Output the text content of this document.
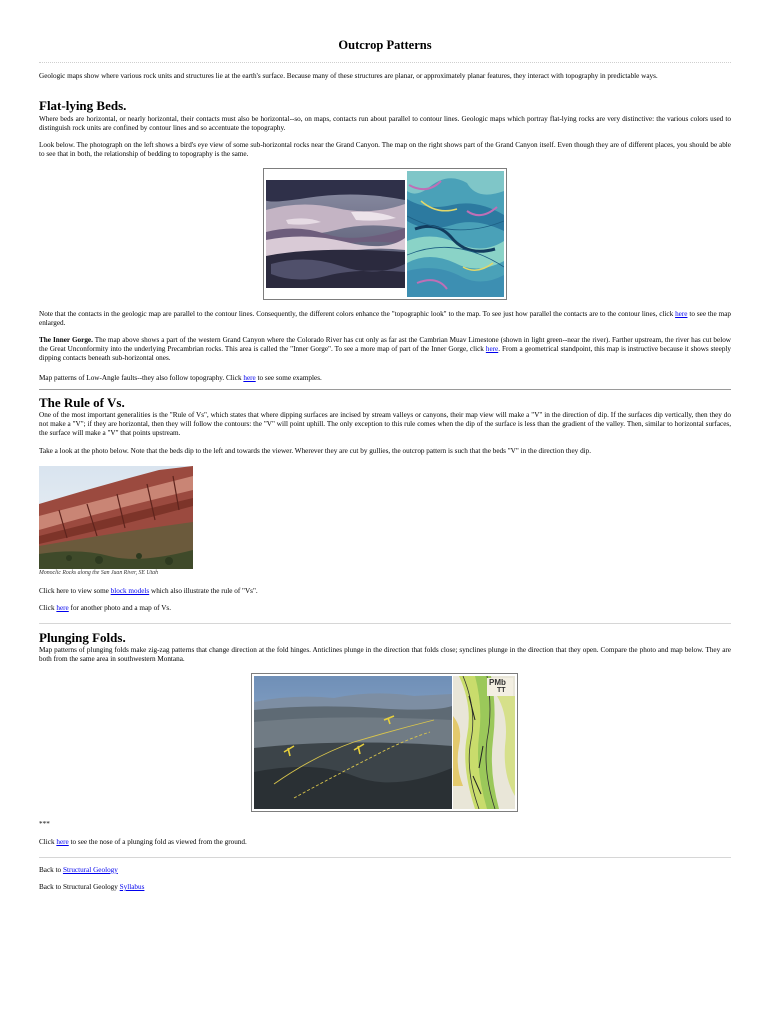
Outcrop Patterns

Geologic maps show where various rock units and structures lie at the earth's surface. Because many of these structures are planar, or approximately planar features, they interact with topography in predictable ways.

Flat-lying Beds.

Where beds are horizontal, or nearly horizontal, their contacts must also be horizontal--so, on maps, contacts run about parallel to contour lines. Geologic maps which portray flat-lying rocks are very distinctive: the various colors used to distinguish rock units are confined by contour lines and so accentuate the topography.

Look below. The photograph on the left shows a bird's eye view of some sub-horizontal rocks near the Grand Canyon. The map on the right shows part of the Grand Canyon itself. Even though they are of different places, you should be able to see that in both, the relationship of bedding to topography is the same.

Note that the contacts in the geologic map are parallel to the contour lines. Consequently, the different colors enhance the "topographic look" to the map. To see just how parallel the contacts are to the contour lines, click here to see the map enlarged.

The Inner Gorge. The map above shows a part of the western Grand Canyon where the Colorado River has cut only as far ast the Cambrian Muav Limestone (shown in light green--near the river). Farther upstream, the river has cut below the Great Unconformity into the underlying Precambrian rocks. This area is called the "Inner Gorge". To see a more map of part of the Inner Gorge, click here. From a geometrical standpoint, this map is instructive because it shows steeply dipping contacts beneath sub-horizontal ones.

Map patterns of Low-Angle faults--they also follow topography. Click here to see some examples.

The Rule of Vs.

One of the most important generalities is the "Rule of Vs", which states that where dipping surfaces are incised by stream valleys or canyons, their map view will make a "V" in the direction of dip. If the surfaces dip vertically, then they do not make a "V"; if they are horizontal, then they will follow the contours: the "V" will point uphill. The only exception to this rule comes when the dip of the surface is less than the gradient of the valley. Then, similar to horizontal surfaces, the surface will make a "V" that points upstream.

Take a look at the photo below. Note that the beds dip to the left and towards the viewer. Wherever they are cut by gullies, the outcrop pattern is such that the beds "V" in the direction they dip.

Monoclic Rocks along the San Juan River, SE Utah

Click here to view some block models which also illustrate the rule of "Vs".

Click here for another photo and a map of Vs.

Plunging Folds.

Map patterns of plunging folds make zig-zag patterns that change direction at the fold hinges. Anticlines plunge in the direction that folds close; synclines plunge in the direction that they open. Compare the photo and map below. They are both from the same area in southwestern Montana.

PMb
TT

***

Click here to see the nose of a plunging fold as viewed from the ground.

Back to Structural Geology

Back to Structural Geology Syllabus
